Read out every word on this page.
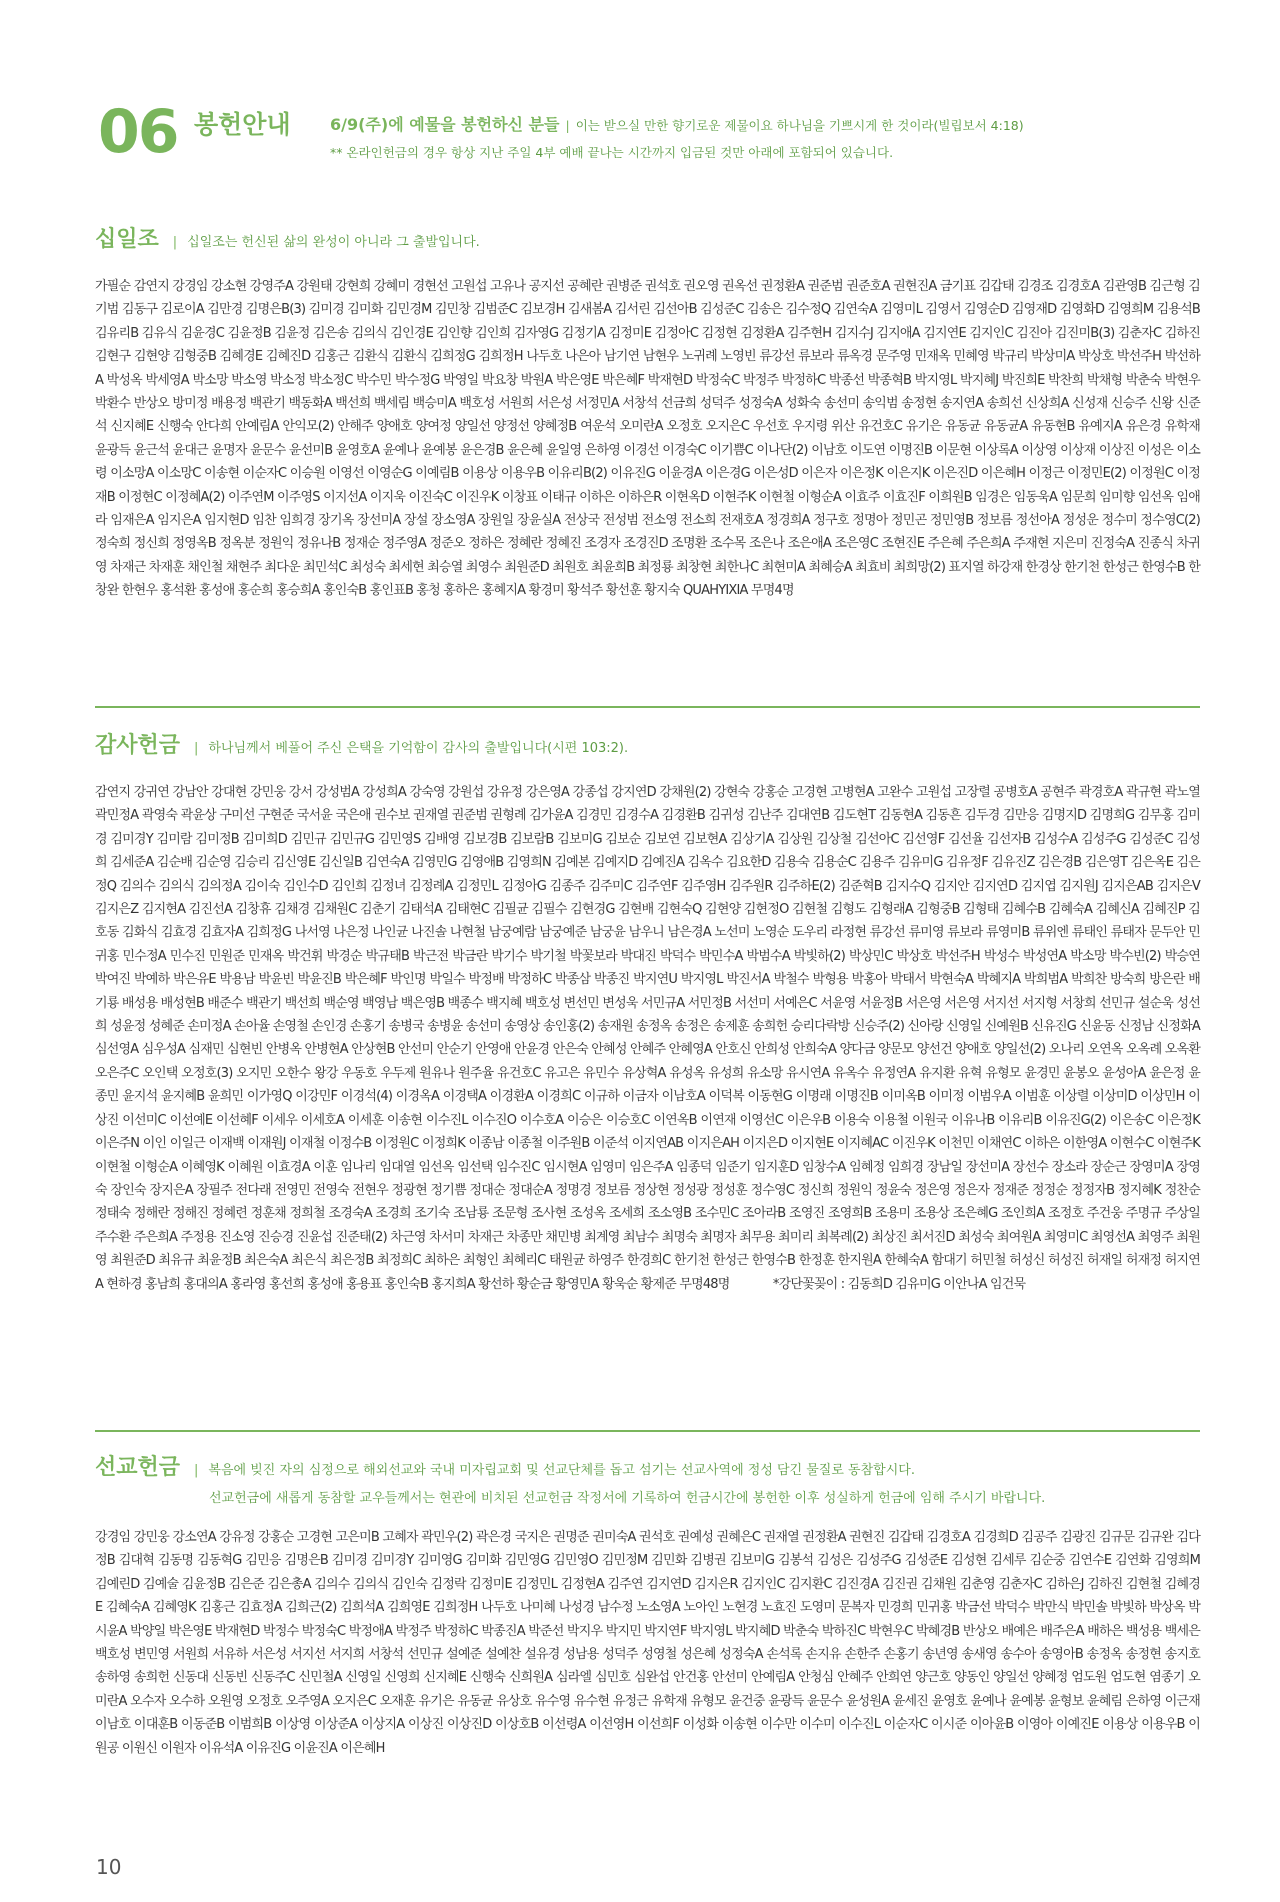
06 봉헌안내 6/9(주)에 예물을 봉헌하신 분들 | 이는 받으실 만한 향기로운 제물이요 하나님을 기쁘시게 한 것이라(빌립보서 4:18)
** 온라인헌금의 경우 항상 지난 주일 4부 예배 끝나는 시간까지 입금된 것만 아래에 포함되어 있습니다.
십일조 | 십일조는 헌신된 삶의 완성이 아니라 그 출발입니다.
가필순 감연지 강경임 강소현 강영주A 강원태 강현희 강혜미 경현선 고원섭 고유나 공지선 공혜란 권병준 권석호 권오영 권옥선 권정환A 권준범 권준호A 권현진A 금기표 김갑태 김경조 김경호A 김관영B 김근형 김기범 김동구 김로이A 김만경 김명은B(3) 김미경 김미화 김민경M 김민창 김범준C 김보경H 김새봄A 김서린 김선아B 김성준C 김송은 김수정Q 김연숙A 김영미L 김영서 김영순D 김영재D 김영화D 김영희M 김용석B 김유리B 김유식 김윤경C 김윤정B 김윤정 김은송 김의식 김인경E 김인향 김인희 김자영G 김정기A 김정미E 김정아C 김정현 김정환A 김주현H 김지수J 김지애A 김지연E 김지인C 김진아 김진미B(3) 김춘자C 김하진 김현구 김현양 김형중B 김혜경E 김혜진D 김홍근 김환식 김환식 김희정G 김희정H 나두호 나은아 남기연 남현우 노귀례 노영빈 류강선 류보라 류옥경 문주영 민재옥 민혜영 박규리 박상미A 박상호 박선주H 박선하A 박성옥 박세영A 박소망 박소영 박소정 박소정C 박수민 박수정G 박영일 박요창 박원A 박은영E 박은혜F 박재현D 박정숙C 박정주 박정하C 박종선 박종혁B 박지영L 박지혜J 박진희E 박찬희 박채형 박춘숙 박현우 박환수 반상오 방미정 배용정 백관기 백동화A 백선희 백세림 백승미A 백호성 서원희 서은성 서정민A 서창석 선금희 성덕주 성정숙A 성화숙 송선미 송익범 송정현 송지연A 송희선 신상희A 신성재 신승주 신왕 신준석 신지혜E 신행숙 안다희 안예림A 안익모(2) 안해주 양애호 양여정 양일선 양정선 양혜정B 여운석 오미란A 오정호 오지은C 우선호 우지령 위산 유건호C 유기은 유동균 유동균A 유동현B 유예지A 유은경 유학재 윤광득 윤근석 윤대근 윤명자 윤문수 윤선미B 윤영호A 윤예나 윤예봉 윤은경B 윤은혜 윤일영 은하영 이경선 이경숙C 이기쁨C 이나단(2) 이남호 이도연 이명진B 이문현 이상록A 이상영 이상재 이상진 이성은 이소령 이소망A 이소망C 이송현 이순자C 이승원 이영선 이영순G 이예림B 이용상 이용우B 이유리B(2) 이유진G 이윤경A 이은경G 이은성D 이은자 이은정K 이은지K 이은진D 이은혜H 이정근 이정민E(2) 이정원C 이정재B 이정현C 이정혜A(2) 이주연M 이주영S 이지선A 이지욱 이진숙C 이진우K 이창표 이태규 이하은 이하은R 이현옥D 이현주K 이현철 이형순A 이효주 이효진F 이희원B 임경은 임동욱A 임문희 임미향 임선옥 임애라 임재은A 임지은A 임지현D 임찬 임희경 장기옥 장선미A 장설 장소영A 장원일 장윤실A 전상국 전성범 전소영 전소희 전재호A 정경희A 정구호 정명아 정민곤 정민영B 정보름 정선아A 정성운 정수미 정수영C(2) 정숙희 정신희 정영옥B 정옥분 정원익 정유나B 정재순 정주영A 정준오 정하은 정혜란 정혜진 조경자 조경진D 조명환 조수목 조은나 조은애A 조은영C 조현진E 주은혜 주은희A 주재현 지은미 진정숙A 진종식 차귀영 차재근 차재훈 채인철 채현주 최다운 최민석C 최성숙 최세현 최승열 최영수 최원준D 최원호 최윤희B 최정룡 최창현 최한나C 최현미A 최혜승A 최효비 최희망(2) 표지열 하강재 한경상 한기천 한성근 한영수B 한창완 한현우 홍석환 홍성애 홍순희 홍승희A 홍인숙B 홍인표B 홍청 홍하은 홍혜지A 황경미 황석주 황선훈 황지숙 QUAHYIXIA 무명4명
감사헌금 | 하나님께서 베풀어 주신 은택을 기억함이 감사의 출발입니다(시편 103:2).
감연지 강귀연 강남안 강대현 강민웅 강서 강성범A 강성희A 강숙영 강원섭 강유정 강은영A 강종섭 강지연D 강채원(2) 강현숙 강홍순 고경현 고병현A 고완수 고원섭 고장렬 공병호A 공현주 곽경호A 곽규현 곽노열 곽민정A 곽영숙 곽윤상 구미선 구현준 국서윤 국은애 권수보 권재열 권준범 권형례 김가윤A 김경민 김경수A 김경환B 김귀성 김난주 김대연B 김도현T 김동현A 김동흔 김두경 김만응 김명지D 김명희G 김무홍 김미경 김미경Y 김미람 김미정B 김미희D 김민규 김민규G 김민영S 김배영 김보경B 김보람B 김보미G 김보순 김보연 김보현A 김상기A 김상원 김상철 김선아C 김선영F 김선율 김선자B 김성수A 김성주G 김성준C 김성희 김세준A 김순배 김순영 김승리 김신영E 김신일B 김연숙A 김영민G 김영애B 김영희N 김예본 김예지D 김예진A 김옥수 김요한D 김용숙 김용순C 김용주 김유미G 김유정F 김유진Z 김은경B 김은영T 김은옥E 김은정Q 김의수 김의식 김의정A 김이숙 김인수D 김인희 김정녀 김정례A 김정민L 김정아G 김종주 김주미C 김주연F 김주영H 김주원R 김주하E(2) 김준혁B 김지수Q 김지안 김지연D 김지엽 김지원J 김지은AB 김지은V 김지은Z 김지현A 김진선A 김창휴 김채경 김채원C 김춘기 김태석A 김태현C 김필균 김필수 김현경G 김현배 김현숙Q 김현양 김현정O 김현철 김형도 김형래A 김형중B 김형태 김혜수B 김혜숙A 김혜신A 김혜진P 김호동 김화식 김효경 김효자A 김희정G 나서영 나은정 나인균 나진솔 나현철 남궁예람 남궁예준 남궁윤 남우니 남은경A 노선미 노영순 도우리 라정현 류강선 류미영 류보라 류영미B 류위엔 류태인 류태자 문두안 민귀홍 민수정A 민수진 민원준 민재옥 박건휘 박경순 박규태B 박근전 박금란 박기수 박기철 박꽃보라 박대진 박덕수 박민수A 박범수A 박빛하(2) 박상민C 박상호 박선주H 박성수 박성연A 박소망 박수빈(2) 박승연 박여진 박예하 박은유E 박용남 박윤빈 박윤진B 박은혜F 박인명 박일수 박정배 박정하C 박종삼 박종진 박지연U 박지영L 박진서A 박철수 박형용 박홍아 박태서 박현숙A 박혜지A 박희범A 박희찬 방숙희 방은란 배기룡 배성용 배성현B 배준수 백관기 백선희 백순영 백영남 백은영B 백종수 백지혜 백호성 변선민 변성욱 서민규A 서민정B 서선미 서예은C 서윤영 서윤정B 서은영 서은영 서지선 서지형 서창희 선민규 설순욱 성선희 성윤정 성혜준 손미정A 손아율 손영철 손인경 손홍기 송병국 송병윤 송선미 송영상 송인홍(2) 송재원 송정옥 송정은 송제훈 송희헌 승리다락방 신승주(2) 신아랑 신영일 신예원B 신유진G 신윤동 신정남 신정화A 심선영A 심우성A 심재민 심현빈 안병옥 안병현A 안상현B 안선미 안순기 안영애 안윤경 안은숙 안혜성 안혜주 안혜영A 안호신 안희성 안희숙A 양다금 양문모 양선건 양애호 양일선(2) 오나리 오연옥 오옥례 오옥환 오은주C 오인택 오정호(3) 오지민 오한수 왕강 우동호 우두제 원유나 원주율 유건호C 유고은 유민수 유상혁A 유성옥 유성희 유소망 유시연A 유옥수 유정연A 유지환 유혁 유형모 윤경민 윤봉오 윤성아A 윤은정 윤종민 윤지석 윤지혜B 윤희민 이가영Q 이강민F 이경석(4) 이경옥A 이경택A 이경환A 이경희C 이규하 이금자 이남호A 이덕복 이동현G 이명래 이명진B 이미옥B 이미정 이범우A 이범훈 이상렬 이상미D 이상민H 이상진 이선미C 이선예E 이선혜F 이세우 이세호A 이세훈 이송현 이수진L 이수진O 이수호A 이승은 이승호C 이연옥B 이연재 이영선C 이은우B 이용숙 이용철 이원국 이유나B 이유리B 이유진G(2) 이은송C 이은정K 이은주N 이인 이일근 이재백 이재원J 이재철 이정수B 이정원C 이정희K 이종남 이종철 이주원B 이준석 이지연AB 이지은AH 이지은D 이지현E 이지혜AC 이진우K 이천민 이채연C 이하은 이한영A 이현수C 이현주K 이현철 이형순A 이혜영K 이혜원 이효경A 이훈 임나리 임대열 임선옥 임선택 임수진C 임시현A 임영미 임은주A 임종덕 임준기 임지훈D 임창수A 임혜정 임희경 장남일 장선미A 장선수 장소라 장순근 장영미A 장영숙 장인숙 장지은A 장필주 전다래 전영민 전영숙 전현우 정광현 정기쁨 정대순 정대순A 정명경 정보름 정상현 정성광 정성훈 정수영C 정신희 정원익 정윤숙 정은영 정은자 정재준 정정순 정정자B 정지혜K 정찬순 정태숙 정해란 정해진 정혜련 정훈채 정희철 조경숙A 조경희 조기숙 조남룡 조문형 조사현 조성옥 조세희 조소영B 조수민C 조아라B 조영진 조영희B 조용미 조용상 조은혜G 조인희A 조정호 주건웅 주명규 주상일 주수환 주은희A 주정용 진소영 진승경 진윤섭 진준태(2) 차근영 차서미 차재근 차종만 채민병 최계영 최남수 최명숙 최명자 최무용 최미리 최복례(2) 최상진 최서진D 최성숙 최여원A 최영미C 최영선A 최영주 최원영 최원준D 최유규 최윤정B 최은숙A 최은식 최은정B 최정희C 최하은 최형인 최혜리C 태원균 하영주 한경희C 한기천 한성근 한영수B 한정훈 한지원A 한혜숙A 함대기 허민철 허성신 허성진 허재일 허재정 허지연A 현하경 홍남희 홍대의A 홍라영 홍선희 홍성애 홍용표 홍인숙B 홍지희A 황선하 황순금 황영민A 황욱순 황제준 무명48명	*강단꽃꽂이 : 김동희D 김유미G 이안나A 임건묵
선교헌금 | 복음에 빚진 자의 심정으로 해외선교와 국내 미자립교회 및 선교단체를 돕고 섬기는 선교사역에 정성 담긴 물질로 동참합시다.
선교헌금에 새롭게 동참할 교우들께서는 현관에 비치된 선교헌금 작정서에 기록하여 헌금시간에 봉헌한 이후 성실하게 헌금에 임해 주시기 바랍니다.
강경임 강민웅 강소연A 강유정 강홍순 고경현 고은미B 고혜자 곽민우(2) 곽은경 국지은 권명준 권미숙A 권석호 권예성 권혜은C 권재열 권정환A 권현진 김갑태 김경호A 김경희D 김공주 김광진 김규문 김규완 김다정B 김대혁 김동명 김동혁G 김민응 김명은B 김미경 김미경Y 김미영G 김미화 김민영G 김민영O 김민정M 김민화 김병권 김보미G 김봉석 김성은 김성주G 김성준E 김성현 김세루 김순중 김연수E 김연화 김영희M 김예린D 김예술 김윤정B 김은준 김은총A 김의수 김의식 김인숙 김정락 김정미E 김정민L 김정현A 김주연 김지연D 김지은R 김지인C 김지환C 김진경A 김진권 김채원 김춘영 김춘자C 김하은J 김하진 김현철 김혜경E 김혜숙A 김혜영K 김홍근 김효정A 김희근(2) 김희석A 김희영E 김희정H 나두호 나미혜 나성경 남수정 노소영A 노아인 노현경 노효진 도영미 문복자 민경희 민귀홍 박금선 박덕수 박만식 박민솔 박빛하 박상옥 박시윤A 박양일 박은영E 박재현D 박정수 박정숙C 박정애A 박정주 박정하C 박종진A 박준선 박지우 박지민 박지연F 박지영L 박지혜D 박춘숙 박하진C 박현우C 박혜경B 반상오 배예은 배주은A 배하은 백성용 백세은 백호성 변민영 서원희 서유하 서은성 서지선 서지희 서창석 선민규 설예준 설예찬 설유경 성남용 성덕주 성영철 성은혜 성정숙A 손석록 손지유 손한주 손홍기 송년영 송새영 송수아 송영아B 송정옥 송정현 송지호 송하영 송희헌 신동대 신동빈 신동주C 신민철A 신영일 신영희 신지혜E 신행숙 신희원A 심라엘 심민호 심완섭 안건홍 안선미 안예림A 안청심 안혜주 안희연 양근호 양동인 양일선 양혜정 엄도원 엄도현 염종기 오미란A 오수자 오수하 오원영 오정호 오주영A 오지은C 오재훈 유기은 유동균 유상호 유수영 유수현 유정근 유학재 유형모 윤건중 윤광득 윤문수 윤성원A 윤세진 윤영호 윤예나 윤예봉 윤형보 윤혜림 은하영 이근재 이남호 이대훈B 이동준B 이범희B 이상영 이상준A 이상지A 이상진 이상진D 이상호B 이선령A 이선영H 이선희F 이성화 이송현 이수만 이수미 이수진L 이순자C 이시준 이아윤B 이영아 이예진E 이용상 이용우B 이원공 이원신 이원자 이유석A 이유진G 이윤진A 이은혜H
10
